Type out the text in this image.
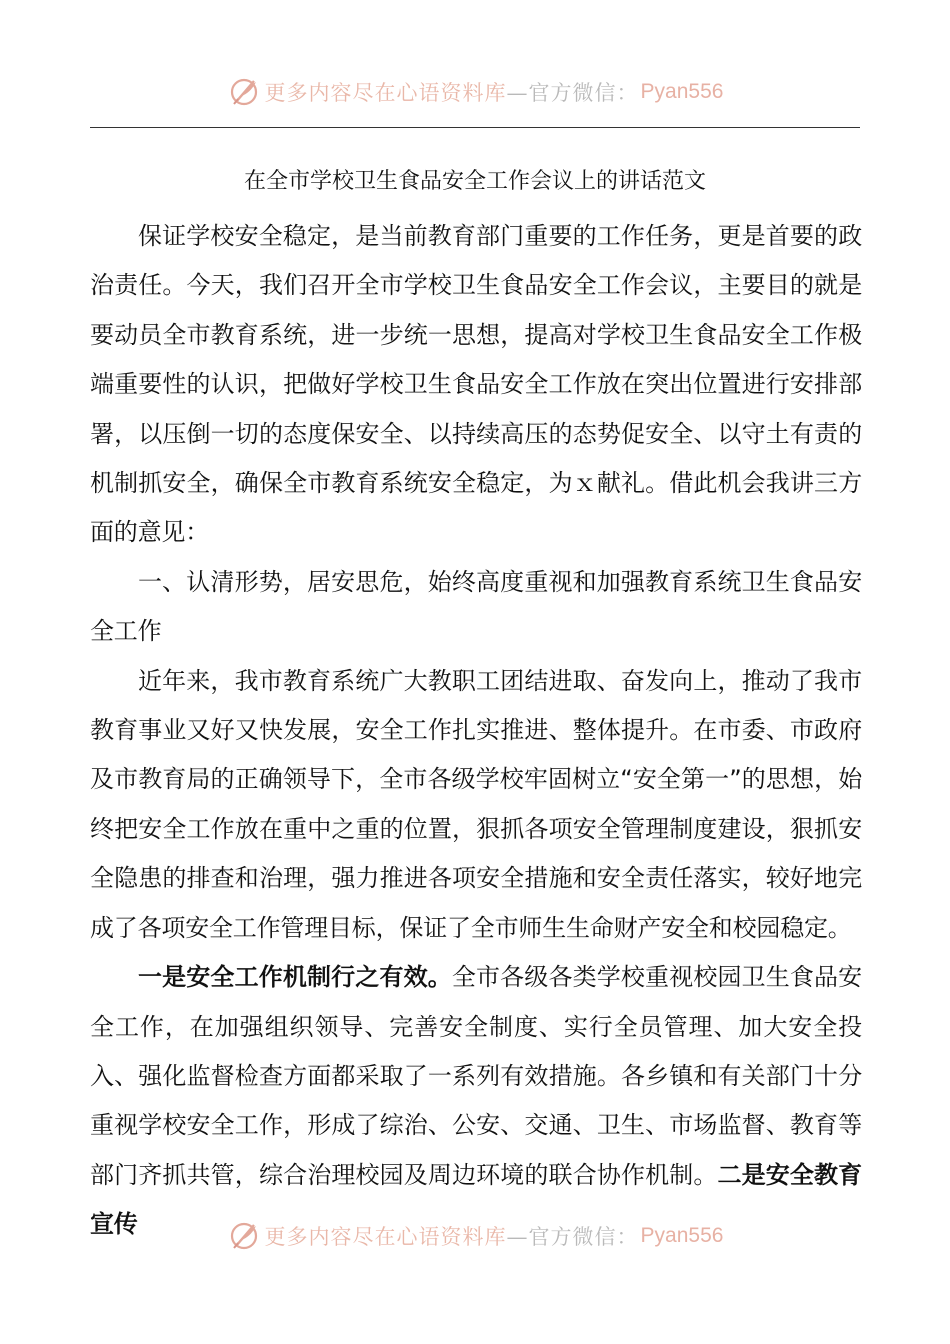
更多内容尽在心语资料库 —官方微信： Pyan556
在全市学校卫生食品安全工作会议上的讲话范文

保证学校安全稳定，是当前教育部门重要的工作任务，更是首要的政治责任。今天，我们召开全市学校卫生食品安全工作会议，主要目的就是要动员全市教育系统，进一步统一思想，提高对学校卫生食品安全工作极端重要性的认识，把做好学校卫生食品安全工作放在突出位置进行安排部署，以压倒一切的态度保安全、以持续高压的态势促安全、以守土有责的机制抓安全，确保全市教育系统安全稳定，为ｘ献礼。借此机会我讲三方面的意见：

一、认清形势，居安思危，始终高度重视和加强教育系统卫生食品安全工作

近年来，我市教育系统广大教职工团结进取、奋发向上，推动了我市教育事业又好又快发展，安全工作扎实推进、整体提升。在市委、市政府及市教育局的正确领导下，全市各级学校牢固树立“安全第一”的思想，始终把安全工作放在重中之重的位置，狠抓各项安全管理制度建设，狠抓安全隐患的排查和治理，强力推进各项安全措施和安全责任落实，较好地完成了各项安全工作管理目标，保证了全市师生生命财产安全和校园稳定。

一是安全工作机制行之有效。全市各级各类学校重视校园卫生食品安全工作，在加强组织领导、完善安全制度、实行全员管理、加大安全投入、强化监督检查方面都采取了一系列有效措施。各乡镇和有关部门十分重视学校安全工作，形成了综治、公安、交通、卫生、市场监督、教育等部门齐抓共管，综合治理校园及周边环境的联合协作机制。二是安全教育宣传	更多内容尽在心语资料库 —官方微信： Pyan556
